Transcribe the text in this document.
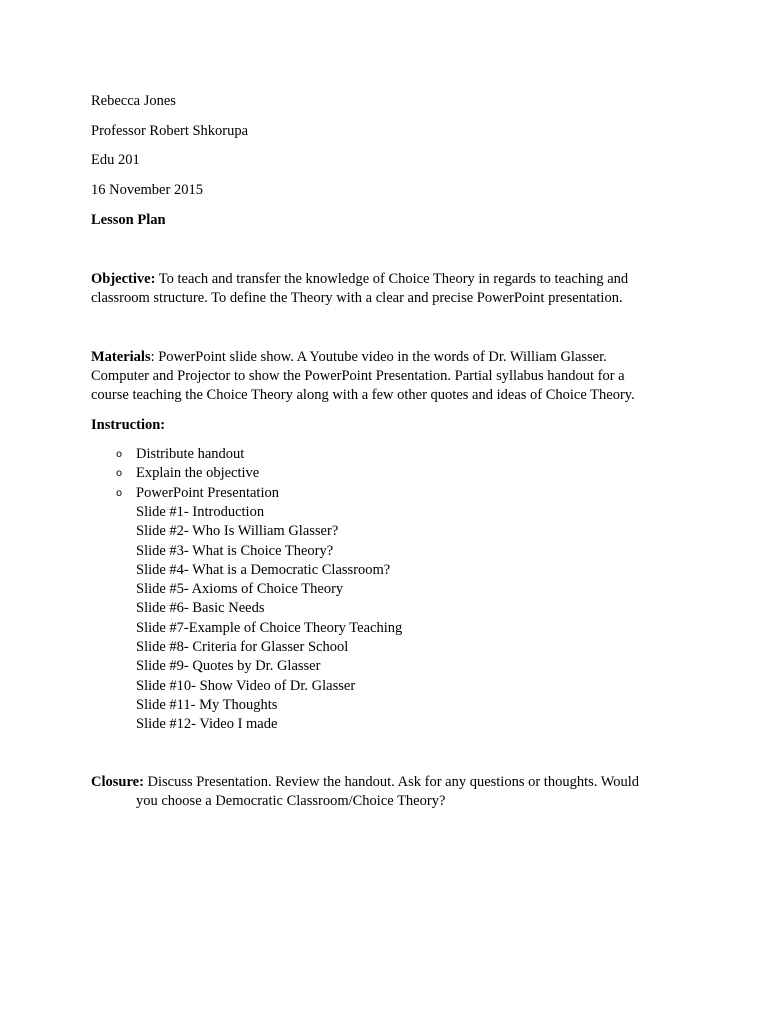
Rebecca Jones
Professor Robert Shkorupa
Edu 201
16 November 2015
Lesson Plan
Objective: To teach and transfer the knowledge of Choice Theory in regards to teaching and
classroom structure. To define the Theory with a clear and precise PowerPoint presentation.
Materials: PowerPoint slide show. A Youtube video in the words of Dr. William Glasser.
Computer and Projector to show the PowerPoint Presentation. Partial syllabus handout for a
course teaching the Choice Theory along with a few other quotes and ideas of Choice Theory.
Instruction:
o Distribute handout
o Explain the objective
o PowerPoint Presentation
Slide #1- Introduction
Slide #2- Who Is William Glasser?
Slide #3- What is Choice Theory?
Slide #4- What is a Democratic Classroom?
Slide #5- Axioms of Choice Theory
Slide #6- Basic Needs
Slide #7-Example of Choice Theory Teaching
Slide #8- Criteria for Glasser School
Slide #9- Quotes by Dr. Glasser
Slide #10- Show Video of Dr. Glasser
Slide #11- My Thoughts
Slide #12- Video I made
Closure: Discuss Presentation. Review the handout. Ask for any questions or thoughts. Would
you choose a Democratic Classroom/Choice Theory?
